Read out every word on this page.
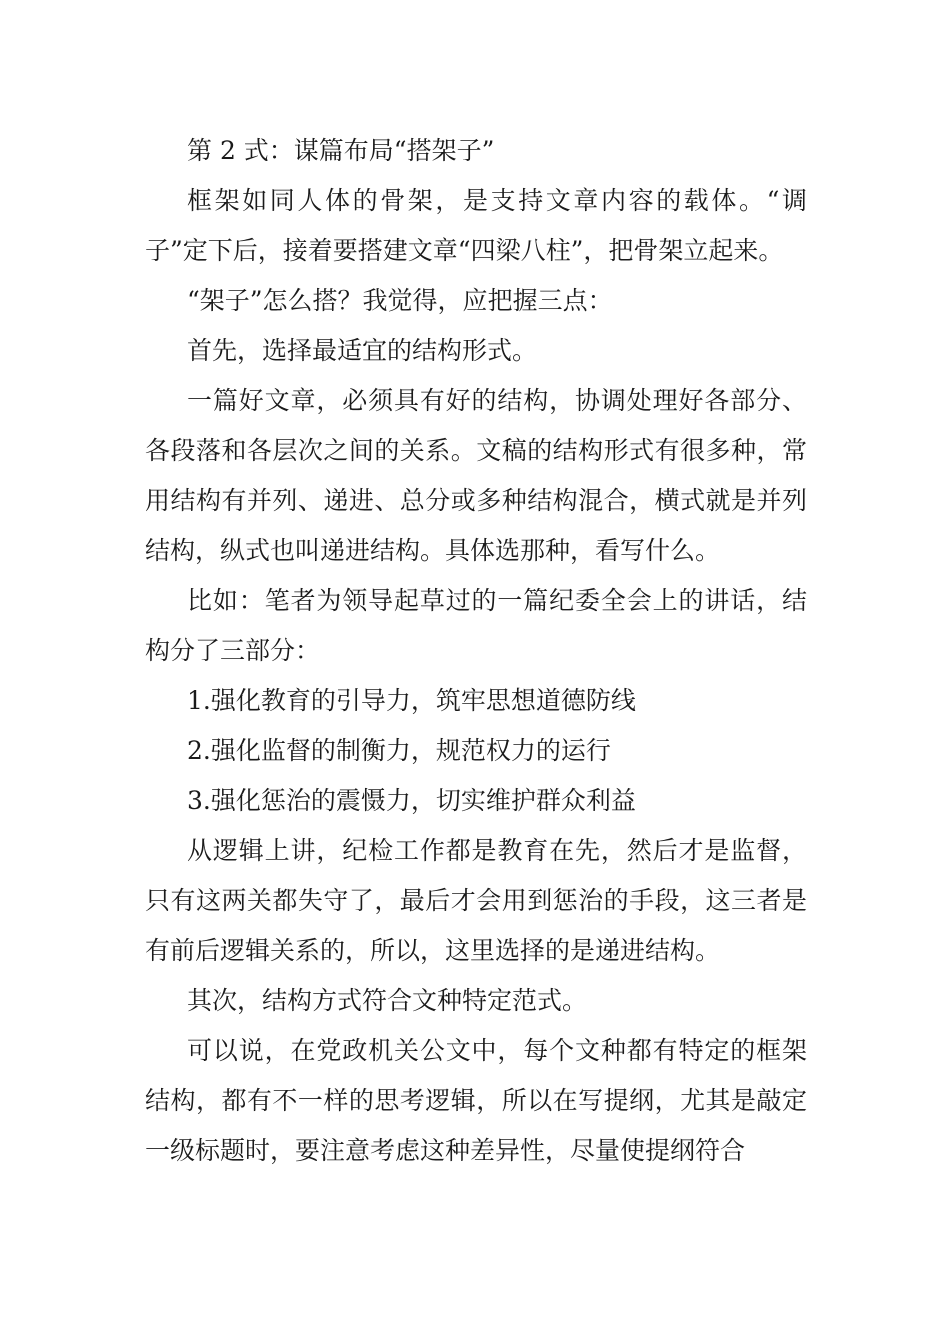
第 2 式：谋篇布局“搭架子”

框架如同人体的骨架，是支持文章内容的载体。“调子”定下后，接着要搭建文章“四梁八柱”，把骨架立起来。

“架子”怎么搭？我觉得，应把握三点：

首先，选择最适宜的结构形式。

一篇好文章，必须具有好的结构，协调处理好各部分、各段落和各层次之间的关系。文稿的结构形式有很多种，常用结构有并列、递进、总分或多种结构混合，横式就是并列结构，纵式也叫递进结构。具体选那种，看写什么。

比如：笔者为领导起草过的一篇纪委全会上的讲话，结构分了三部分：

1.强化教育的引导力，筑牢思想道德防线

2.强化监督的制衡力，规范权力的运行

3.强化惩治的震慑力，切实维护群众利益

从逻辑上讲，纪检工作都是教育在先，然后才是监督，只有这两关都失守了，最后才会用到惩治的手段，这三者是有前后逻辑关系的，所以，这里选择的是递进结构。

其次，结构方式符合文种特定范式。

可以说，在党政机关公文中，每个文种都有特定的框架结构，都有不一样的思考逻辑，所以在写提纲，尤其是敲定一级标题时，要注意考虑这种差异性，尽量使提纲符合
